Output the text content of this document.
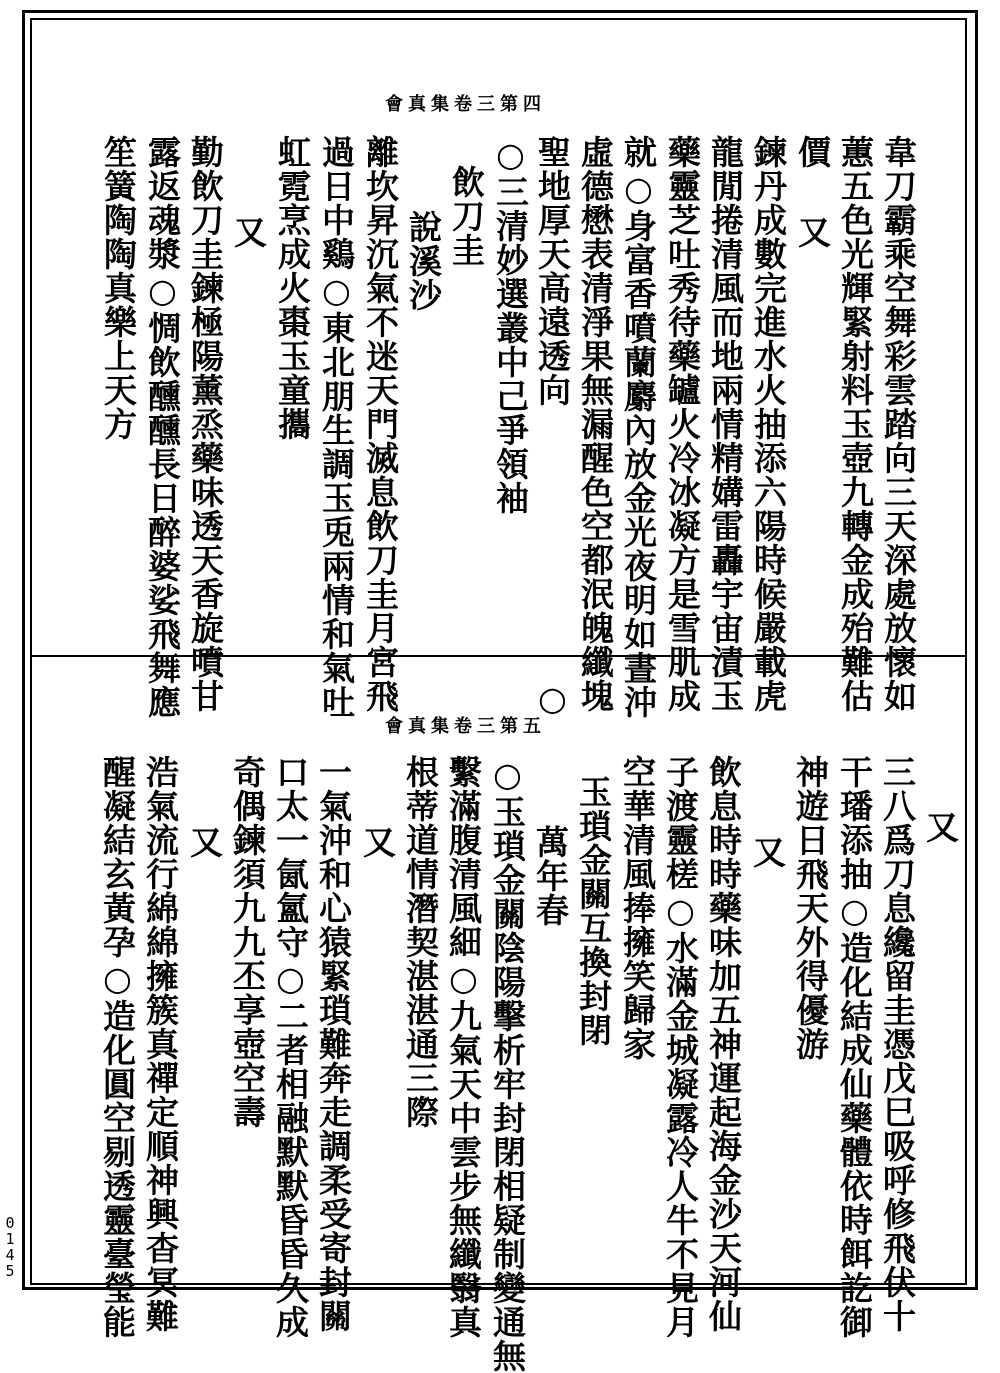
會真集卷三第四
會真集卷三第五
韋刀霸乘空舞彩雲踏向三天深處放懷如
蕙五色光輝緊射料玉壺九轉金成殆難估
價
又
鍊丹成數完進水火抽添六陽時候嚴載虎
龍閒捲清風而地兩情精媾雷轟宇宙漬玉
藥靈芝吐秀待藥罏火冷冰凝方是雪肌成
就○身富香噴蘭麝內放金光夜明如晝沖
虛德懋表清淨果無漏醒色空都泯魄纖塊
聖地厚天高遠透向　　　　　　　　○
○三清妙選叢中己爭領袖
飲刀圭
說溪沙
離坎昇沉氣不迷天門滅息飲刀圭月宮飛
過日中鷄○東北朋生調玉兎兩情和氣吐
虹霓烹成火棗玉童攜
又
勤飲刀圭鍊極陽薰烝藥味透天香旋噴甘
露返魂漿○惆飲醺醺長日醉婆娑飛舞應
笙簧陶陶真樂上天方
又
三八爲刀息纔留圭憑戊巳吸呼修飛伏十
干璠添抽○造化結成仙藥體依時餌訖御
神遊日飛天外得優游
又
飲息時時藥味加五神運起海金沙天河仙
子渡靈槎○水滿金城凝露冷人牛不見月
空華清風捧擁笑歸家
玉瑣金關互換封閉
萬年春
○玉瑣金關陰陽擊析牢封閉相疑制變通無
繫滿腹清風細○九氣天中雲步無纖翳真
根蒂道情潛契湛湛通三際
又
一氣沖和心猿緊瑣難奔走調柔受寄封關
口太一氤氳守○二者相融默默昏昏久成
奇偶鍊須九九丕享壺空壽
又
浩氣流行綿綿擁簇真禪定順神興杳冥難
醒凝結玄黃孕○造化圓空剔透靈臺瑩能
0145
